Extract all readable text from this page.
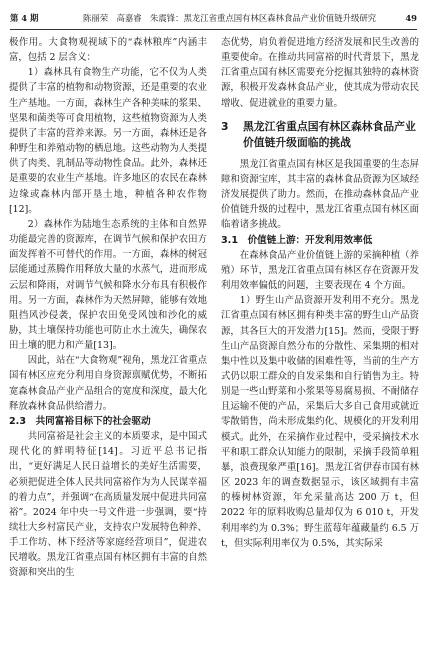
第 4 期	陈丽荣　高嘉睿　朱震锋：黑龙江省重点国有林区森林食品产业价值链升级研究	49

极作用。大食物观视域下的“森林粮库”内涵丰富，包括 2 层含义：

1）森林具有食物生产功能，它不仅为人类提供了丰富的植物和动物资源，还是重要的农业生产基地。一方面，森林生产各种美味的浆果、坚果和菌类等可食用植物，这些植物资源为人类提供了丰富的营养来源。另一方面，森林还是各种野生和养殖动物的栖息地。这些动物为人类提供了肉类、乳制品等动物性食品。此外，森林还是重要的农业生产基地。许多地区的农民在森林边缘或森林内部开垦土地，种植各种农作物[12]。

2）森林作为陆地生态系统的主体和自然界功能最完善的资源库，在调节气候和保护农田方面发挥着不可替代的作用。一方面，森林的树冠层能通过蒸腾作用释放大量的水蒸气，进而形成云层和降雨，对调节气候和降水分布具有积极作用。另一方面，森林作为天然屏障，能够有效地阻挡风沙侵袭，保护农田免受风蚀和沙化的威胁，其土壤保持功能也可防止水土流失，确保农田土壤的肥力和产量[13]。

因此，站在“大食物观”视角，黑龙江省重点国有林区应充分利用自身资源禀赋优势，不断拓宽森林食品产业产品组合的宽度和深度，最大化释放森林食品供给潜力。

2.3　共同富裕目标下的社会驱动

共同富裕是社会主义的本质要求，是中国式现代化的鲜明特征[14]。习近平总书记指出，“更好满足人民日益增长的美好生活需要，必须把促进全体人民共同富裕作为为人民谋幸福的着力点”，并强调“在高质量发展中促进共同富裕”。2024 年中央一号文件进一步强调，要“持续壮大乡村富民产业，支持农户发展特色种养、手工作坊、林下经济等家庭经营项目”，促进农民增收。黑龙江省重点国有林区拥有丰富的自然资源和突出的生

态优势，肩负着促进地方经济发展和民生改善的重要使命。在推动共同富裕的时代背景下，黑龙江省重点国有林区需要充分挖掘其独特的森林资源，积极开发森林食品产业，使其成为带动农民增收、促进就业的重要力量。

3	黑龙江省重点国有林区森林食品产业价值链升级面临的挑战

黑龙江省重点国有林区是我国重要的生态屏障和资源宝库，其丰富的森林食品资源为区域经济发展提供了助力。然而，在推动森林食品产业价值链升级的过程中，黑龙江省重点国有林区面临着诸多挑战。

3.1　价值链上游：开发利用效率低

在森林食品产业价值链上游的采摘种植（养殖）环节，黑龙江省重点国有林区存在资源开发利用效率偏低的问题，主要表现在 4 个方面。

1）野生山产品资源开发利用不充分。黑龙江省重点国有林区拥有种类丰富的野生山产品资源，其各巨大的开发潜力[15]。然而，受限于野生山产品资源自然分布的分散性、采集期的相对集中性以及集中收储的困难性等，当前的生产方式仍以职工群众的自发采集和自行销售为主。特别是一些山野菜和小浆果等易腐易损、不耐储存且运输不便的产品，采集后大多自己食用或就近零散销售，尚未形成集约化、规模化的开发利用模式。此外，在采摘作业过程中，受采摘技术水平和职工群众认知能力的限制，采摘手段简单粗暴，浪费现象严重[16]。黑龙江省伊春市国有林区 2023 年的调查数据显示，该区域拥有丰富的榛树林资源，年允采量高达 200 万 t，但 2022 年的原料收购总量却仅为 6 010 t，开发利用率约为 0.3%；野生蓝莓年蕴藏量约 6.5 万 t，但实际利用率仅为 0.5%，其实际采
